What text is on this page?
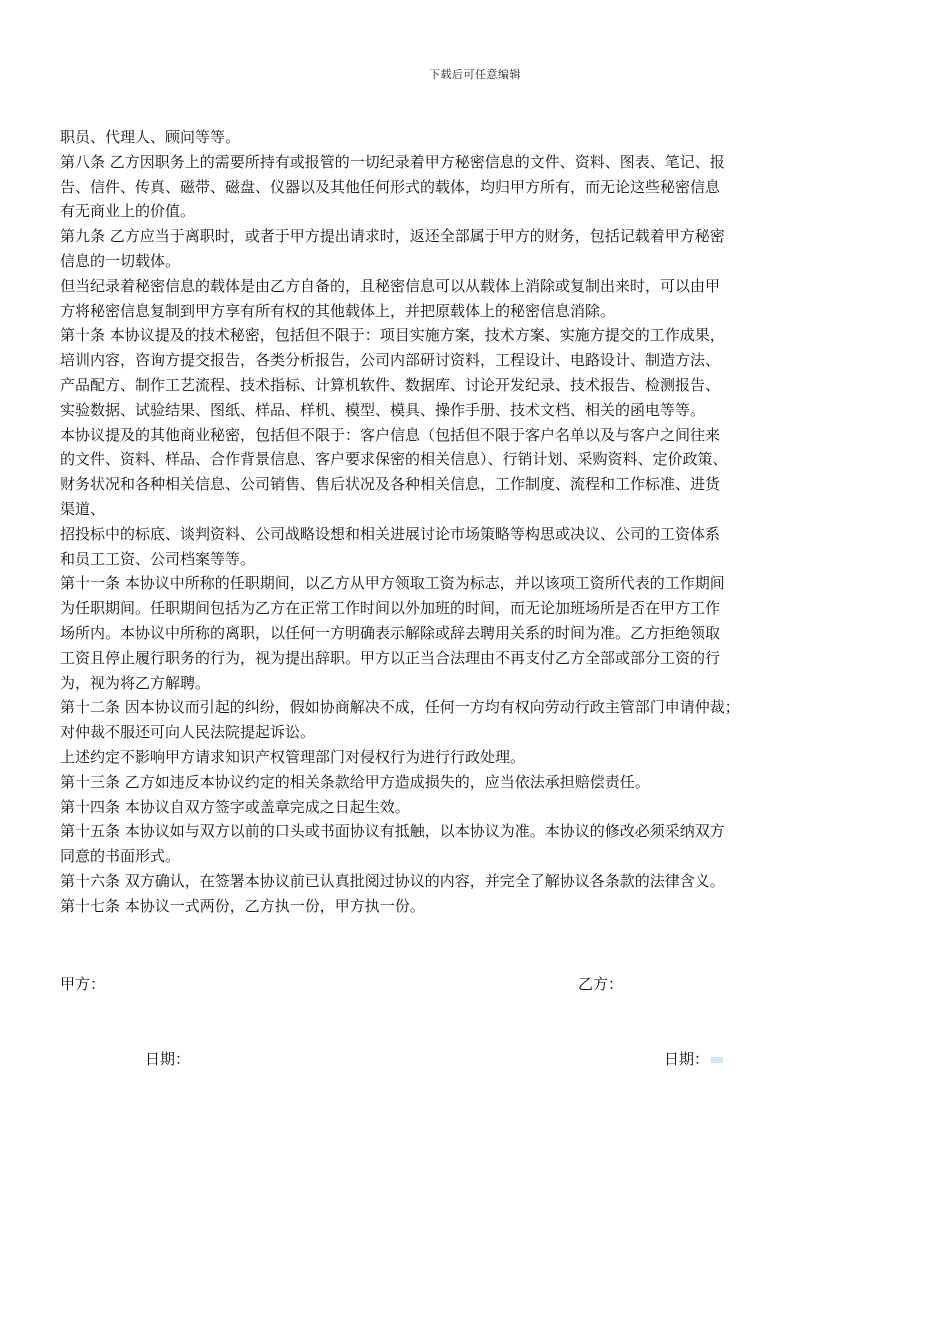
下载后可任意编辑
职员、代理人、顾问等等。
第八条 乙方因职务上的需要所持有或报管的一切纪录着甲方秘密信息的文件、资料、图表、笔记、报
告、信件、传真、磁带、磁盘、仪器以及其他任何形式的载体，均归甲方所有，而无论这些秘密信息
有无商业上的价值。
第九条 乙方应当于离职时，或者于甲方提出请求时，返还全部属于甲方的财务，包括记载着甲方秘密
信息的一切载体。
但当纪录着秘密信息的载体是由乙方自备的，且秘密信息可以从载体上消除或复制出来时，可以由甲
方将秘密信息复制到甲方享有所有权的其他载体上，并把原载体上的秘密信息消除。
第十条 本协议提及的技术秘密，包括但不限于：项目实施方案，技术方案、实施方提交的工作成果，
培训内容，咨询方提交报告，各类分析报告，公司内部研讨资料，工程设计、电路设计、制造方法、
产品配方、制作工艺流程、技术指标、计算机软件、数据库、讨论开发纪录、技术报告、检测报告、
实验数据、试验结果、图纸、样品、样机、模型、模具、操作手册、技术文档、相关的函电等等。
本协议提及的其他商业秘密，包括但不限于：客户信息（包括但不限于客户名单以及与客户之间往来
的文件、资料、样品、合作背景信息、客户要求保密的相关信息）、行销计划、采购资料、定价政策、
财务状况和各种相关信息、公司销售、售后状况及各种相关信息，工作制度、流程和工作标准、进货
渠道、
招投标中的标底、谈判资料、公司战略设想和相关进展讨论市场策略等构思或决议、公司的工资体系
和员工工资、公司档案等等。
第十一条 本协议中所称的任职期间，以乙方从甲方领取工资为标志，并以该项工资所代表的工作期间
为任职期间。任职期间包括为乙方在正常工作时间以外加班的时间，而无论加班场所是否在甲方工作
场所内。本协议中所称的离职，以任何一方明确表示解除或辞去聘用关系的时间为准。乙方拒绝领取
工资且停止履行职务的行为，视为提出辞职。甲方以正当合法理由不再支付乙方全部或部分工资的行
为，视为将乙方解聘。
第十二条 因本协议而引起的纠纷，假如协商解决不成，任何一方均有权向劳动行政主管部门申请仲裁；
对仲裁不服还可向人民法院提起诉讼。
上述约定不影响甲方请求知识产权管理部门对侵权行为进行行政处理。
第十三条 乙方如违反本协议约定的相关条款给甲方造成损失的，应当依法承担赔偿责任。
第十四条 本协议自双方签字或盖章完成之日起生效。
第十五条 本协议如与双方以前的口头或书面协议有抵触，以本协议为准。本协议的修改必须采纳双方
同意的书面形式。
第十六条 双方确认，在签署本协议前已认真批阅过协议的内容，并完全了解协议各条款的法律含义。
第十七条 本协议一式两份，乙方执一份，甲方执一份。
甲方：	乙方：
日期：	日期：
